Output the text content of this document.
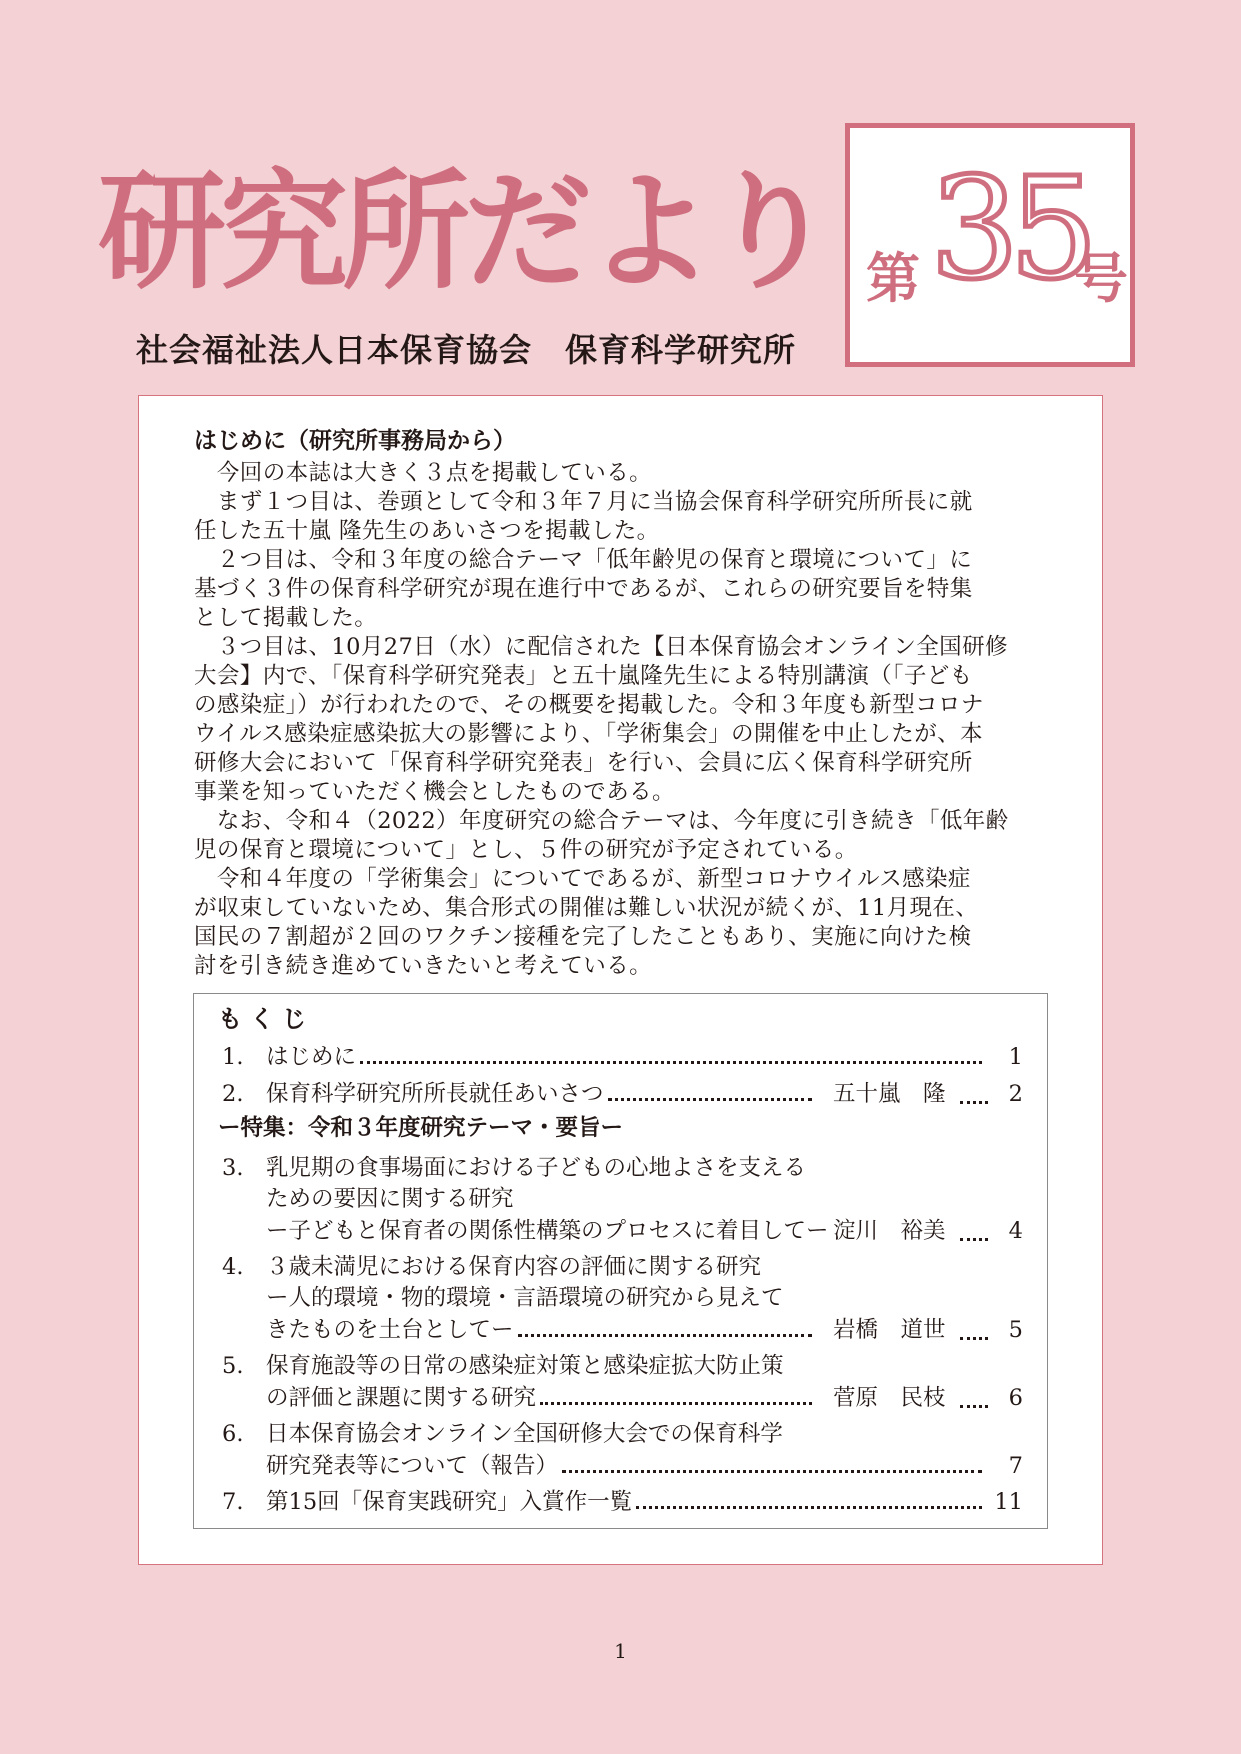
研究所だより
社会福祉法人日本保育協会　保育科学研究所
第 35
号
はじめに（研究所事務局から）
　今回の本誌は大きく３点を掲載している。
　まず１つ目は、巻頭として令和３年７月に当協会保育科学研究所所長に就
任した五十嵐 隆先生のあいさつを掲載した。
　２つ目は、令和３年度の総合テーマ「低年齢児の保育と環境について」に
基づく３件の保育科学研究が現在進行中であるが、これらの研究要旨を特集
として掲載した。
　３つ目は、10月27日（水）に配信された【日本保育協会オンライン全国研修
大会】内で、「保育科学研究発表」と五十嵐隆先生による特別講演（「子ども
の感染症」）が行われたので、その概要を掲載した。令和３年度も新型コロナ
ウイルス感染症感染拡大の影響により、「学術集会」の開催を中止したが、本
研修大会において「保育科学研究発表」を行い、会員に広く保育科学研究所
事業を知っていただく機会としたものである。
　なお、令和４（2022）年度研究の総合テーマは、今年度に引き続き「低年齢
児の保育と環境について」とし、５件の研究が予定されている。
　令和４年度の「学術集会」についてであるが、新型コロナウイルス感染症
が収束していないため、集合形式の開催は難しい状況が続くが、11月現在、
国民の７割超が２回のワクチン接種を完了したこともあり、実施に向けた検
討を引き続き進めていきたいと考えている。
もくじ
1.	はじめに	1
2.	保育科学研究所所長就任あいさつ	五十嵐　隆	2
ー特集：令和３年度研究テーマ・要旨ー
3.	乳児期の食事場面における子どもの心地よさを支える
ための要因に関する研究
ー子どもと保育者の関係性構築のプロセスに着目してー 淀川　裕美	4
4.	３歳未満児における保育内容の評価に関する研究
ー人的環境・物的環境・言語環境の研究から見えて
きたものを土台としてー	岩橋　道世	5
5.	保育施設等の日常の感染症対策と感染症拡大防止策
の評価と課題に関する研究	菅原　民枝	6
6.	日本保育協会オンライン全国研修大会での保育科学
研究発表等について（報告）	7
7.	第15回「保育実践研究」入賞作一覧	11
1
